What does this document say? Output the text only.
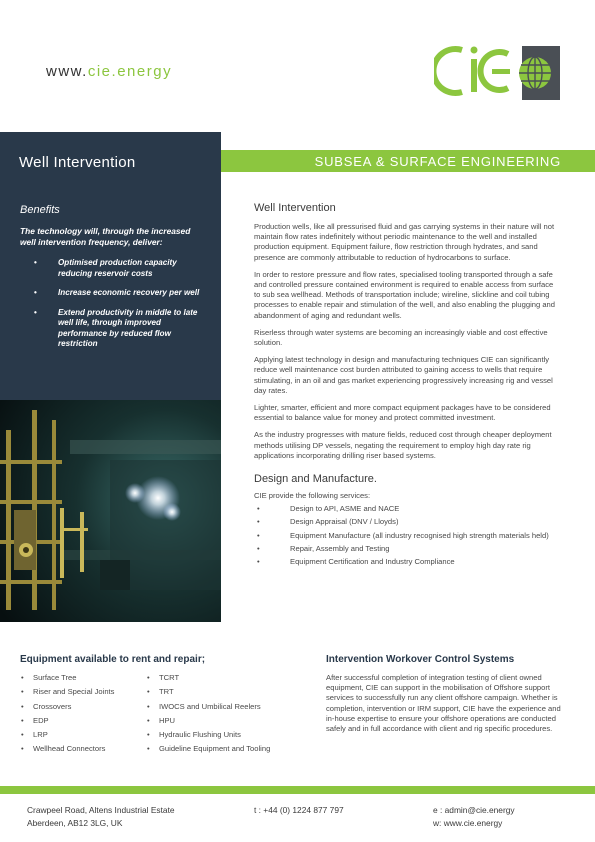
www.cie.energy
Well Intervention	SUBSEA & SURFACE ENGINEERING
Benefits
The technology will, through the increased well intervention frequency, deliver:
• Optimised production capacity reducing reservoir costs
• Increase economic recovery per well
• Extend productivity in middle to late well life, through improved performance by reduced flow restriction
Well Intervention

Production wells, like all pressurised fluid and gas carrying systems in their nature will not maintain flow rates indefinitely without periodic maintenance to the well and installed production equipment. Equipment failure, flow restriction through hydrates, and sand presence are commonly attributable to reduction of hydrocarbons to surface.

In order to restore pressure and flow rates, specialised tooling transported through a safe and controlled pressure contained environment is required to enable access from surface to sub sea wellhead. Methods of transportation include; wireline, slickline and coil tubing processes to enable repair and stimulation of the well, and also enabling the plugging and abandonment of aging and redundant wells.

Riserless through water systems are becoming an increasingly viable and cost effective solution.

Applying latest technology in design and manufacturing techniques CIE can significantly reduce well maintenance cost burden attributed to gaining access to wells that require stimulating, in an oil and gas market experiencing progressively increasing rig and vessel day rates.

Lighter, smarter, efficient and more compact equipment packages have to be considered essential to balance value for money and protect committed investment.

As the industry progresses with mature fields, reduced cost through cheaper deployment methods utilising DP vessels, negating the requirement to employ high day rate rig applications incorporating drilling riser based systems.

Design and Manufacture.

CIE provide the following services:

• Design to API, ASME and NACE
• Design Appraisal (DNV / Lloyds)
• Equipment Manufacture (all industry recognised high strength materials held)
• Repair, Assembly and Testing
• Equipment Certification and Industry Compliance
Equipment available to rent and repair;
• Surface Tree
• Riser and Special Joints
• Crossovers
• EDP
• LRP
• Wellhead Connectors
• TCRT
• TRT
• IWOCS and Umbilical Reelers
• HPU
• Hydraulic Flushing Units
• Guideline Equipment and Tooling
Intervention Workover Control Systems

After successful completion of integration testing of client owned equipment, CIE can support in the mobilisation of Offshore support services to successfully run any client offshore campaign. Whether is completion, intervention or IRM support, CIE have the experience and in-house expertise to ensure your offshore operations are conducted safely and in full accordance with client and rig specific procedures.

Crawpeel Road, Altens Industrial Estate
Aberdeen, AB12 3LG, UK
t : +44 (0) 1224 877 797	e : admin@cie.energy
w: www.cie.energy
